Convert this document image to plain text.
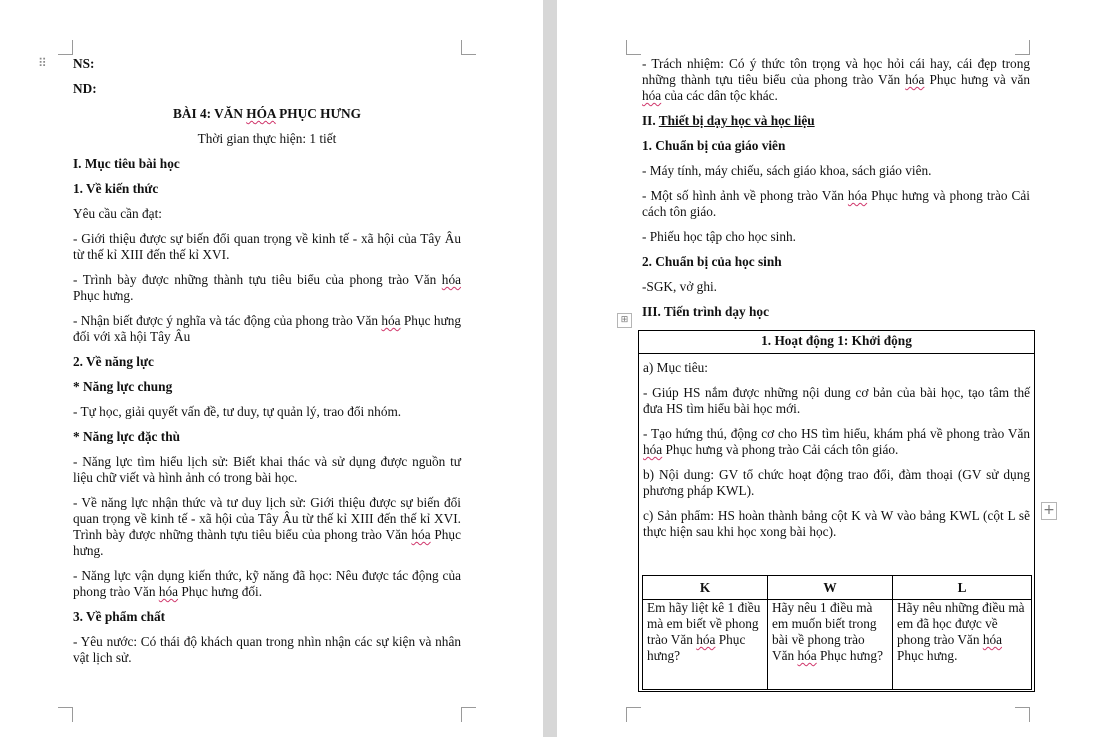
⠿ NS:

ND:

BÀI 4: VĂN HÓA PHỤC HƯNG

Thời gian thực hiện: 1 tiết

I. Mục tiêu bài học

1. Về kiến thức

Yêu cầu cần đạt:

- Giới thiệu được sự biến đổi quan trọng về kinh tế - xã hội của Tây Âu từ thế kỉ XIII đến thế kỉ XVI.

- Trình bày được những thành tựu tiêu biểu của phong trào Văn hóa Phục hưng.

- Nhận biết được ý nghĩa và tác động của phong trào Văn hóa Phục hưng đối với xã hội Tây Âu

2. Về năng lực

* Năng lực chung

- Tự học, giải quyết vấn đề, tư duy, tự quản lý, trao đổi nhóm.

* Năng lực đặc thù

- Năng lực tìm hiểu lịch sử: Biết khai thác và sử dụng được nguồn tư liệu chữ viết và hình ảnh có trong bài học.

- Về năng lực nhận thức và tư duy lịch sử: Giới thiệu được sự biến đổi quan trọng về kinh tế - xã hội của Tây Âu từ thế kỉ XIII đến thế kỉ XVI. Trình bày được những thành tựu tiêu biểu của phong trào Văn hóa Phục hưng.

- Năng lực vận dụng kiến thức, kỹ năng đã học: Nêu được tác động của phong trào Văn hóa Phục hưng đối.

3. Về phẩm chất

- Yêu nước: Có thái độ khách quan trong nhìn nhận các sự kiện và nhân vật lịch sử.

- Trách nhiệm: Có ý thức tôn trọng và học hỏi cái hay, cái đẹp trong những thành tựu tiêu biểu của phong trào Văn hóa Phục hưng và văn hóa của các dân tộc khác.

II. Thiết bị dạy học và học liệu

1. Chuẩn bị của giáo viên

- Máy tính, máy chiếu, sách giáo khoa, sách giáo viên.

- Một số hình ảnh về phong trào Văn hóa Phục hưng và phong trào Cải cách tôn giáo.

- Phiếu học tập cho học sinh.

2. Chuẩn bị của học sinh

-SGK, vở ghi.

III. Tiến trình dạy học

⊞
+
1. Hoạt động 1: Khởi động

a) Mục tiêu:

- Giúp HS nắm được những nội dung cơ bản của bài học, tạo tâm thế đưa HS tìm hiểu bài học mới.

- Tạo hứng thú, động cơ cho HS tìm hiểu, khám phá về phong trào Văn hóa Phục hưng và phong trào Cải cách tôn giáo.

b) Nội dung: GV tổ chức hoạt động trao đổi, đàm thoại (GV sử dụng phương pháp KWL).

c) Sản phẩm: HS hoàn thành bảng cột K và W vào bảng KWL (cột L sẽ thực hiện sau khi học xong bài học).

K	W	L
Em hãy liệt kê 1 điều mà em biết về phong trào Văn hóa Phục hưng?	Hãy nêu 1 điều mà em muốn biết trong bài về phong trào Văn hóa Phục hưng?	Hãy nêu những điều mà em đã học được về phong trào Văn hóa Phục hưng.
